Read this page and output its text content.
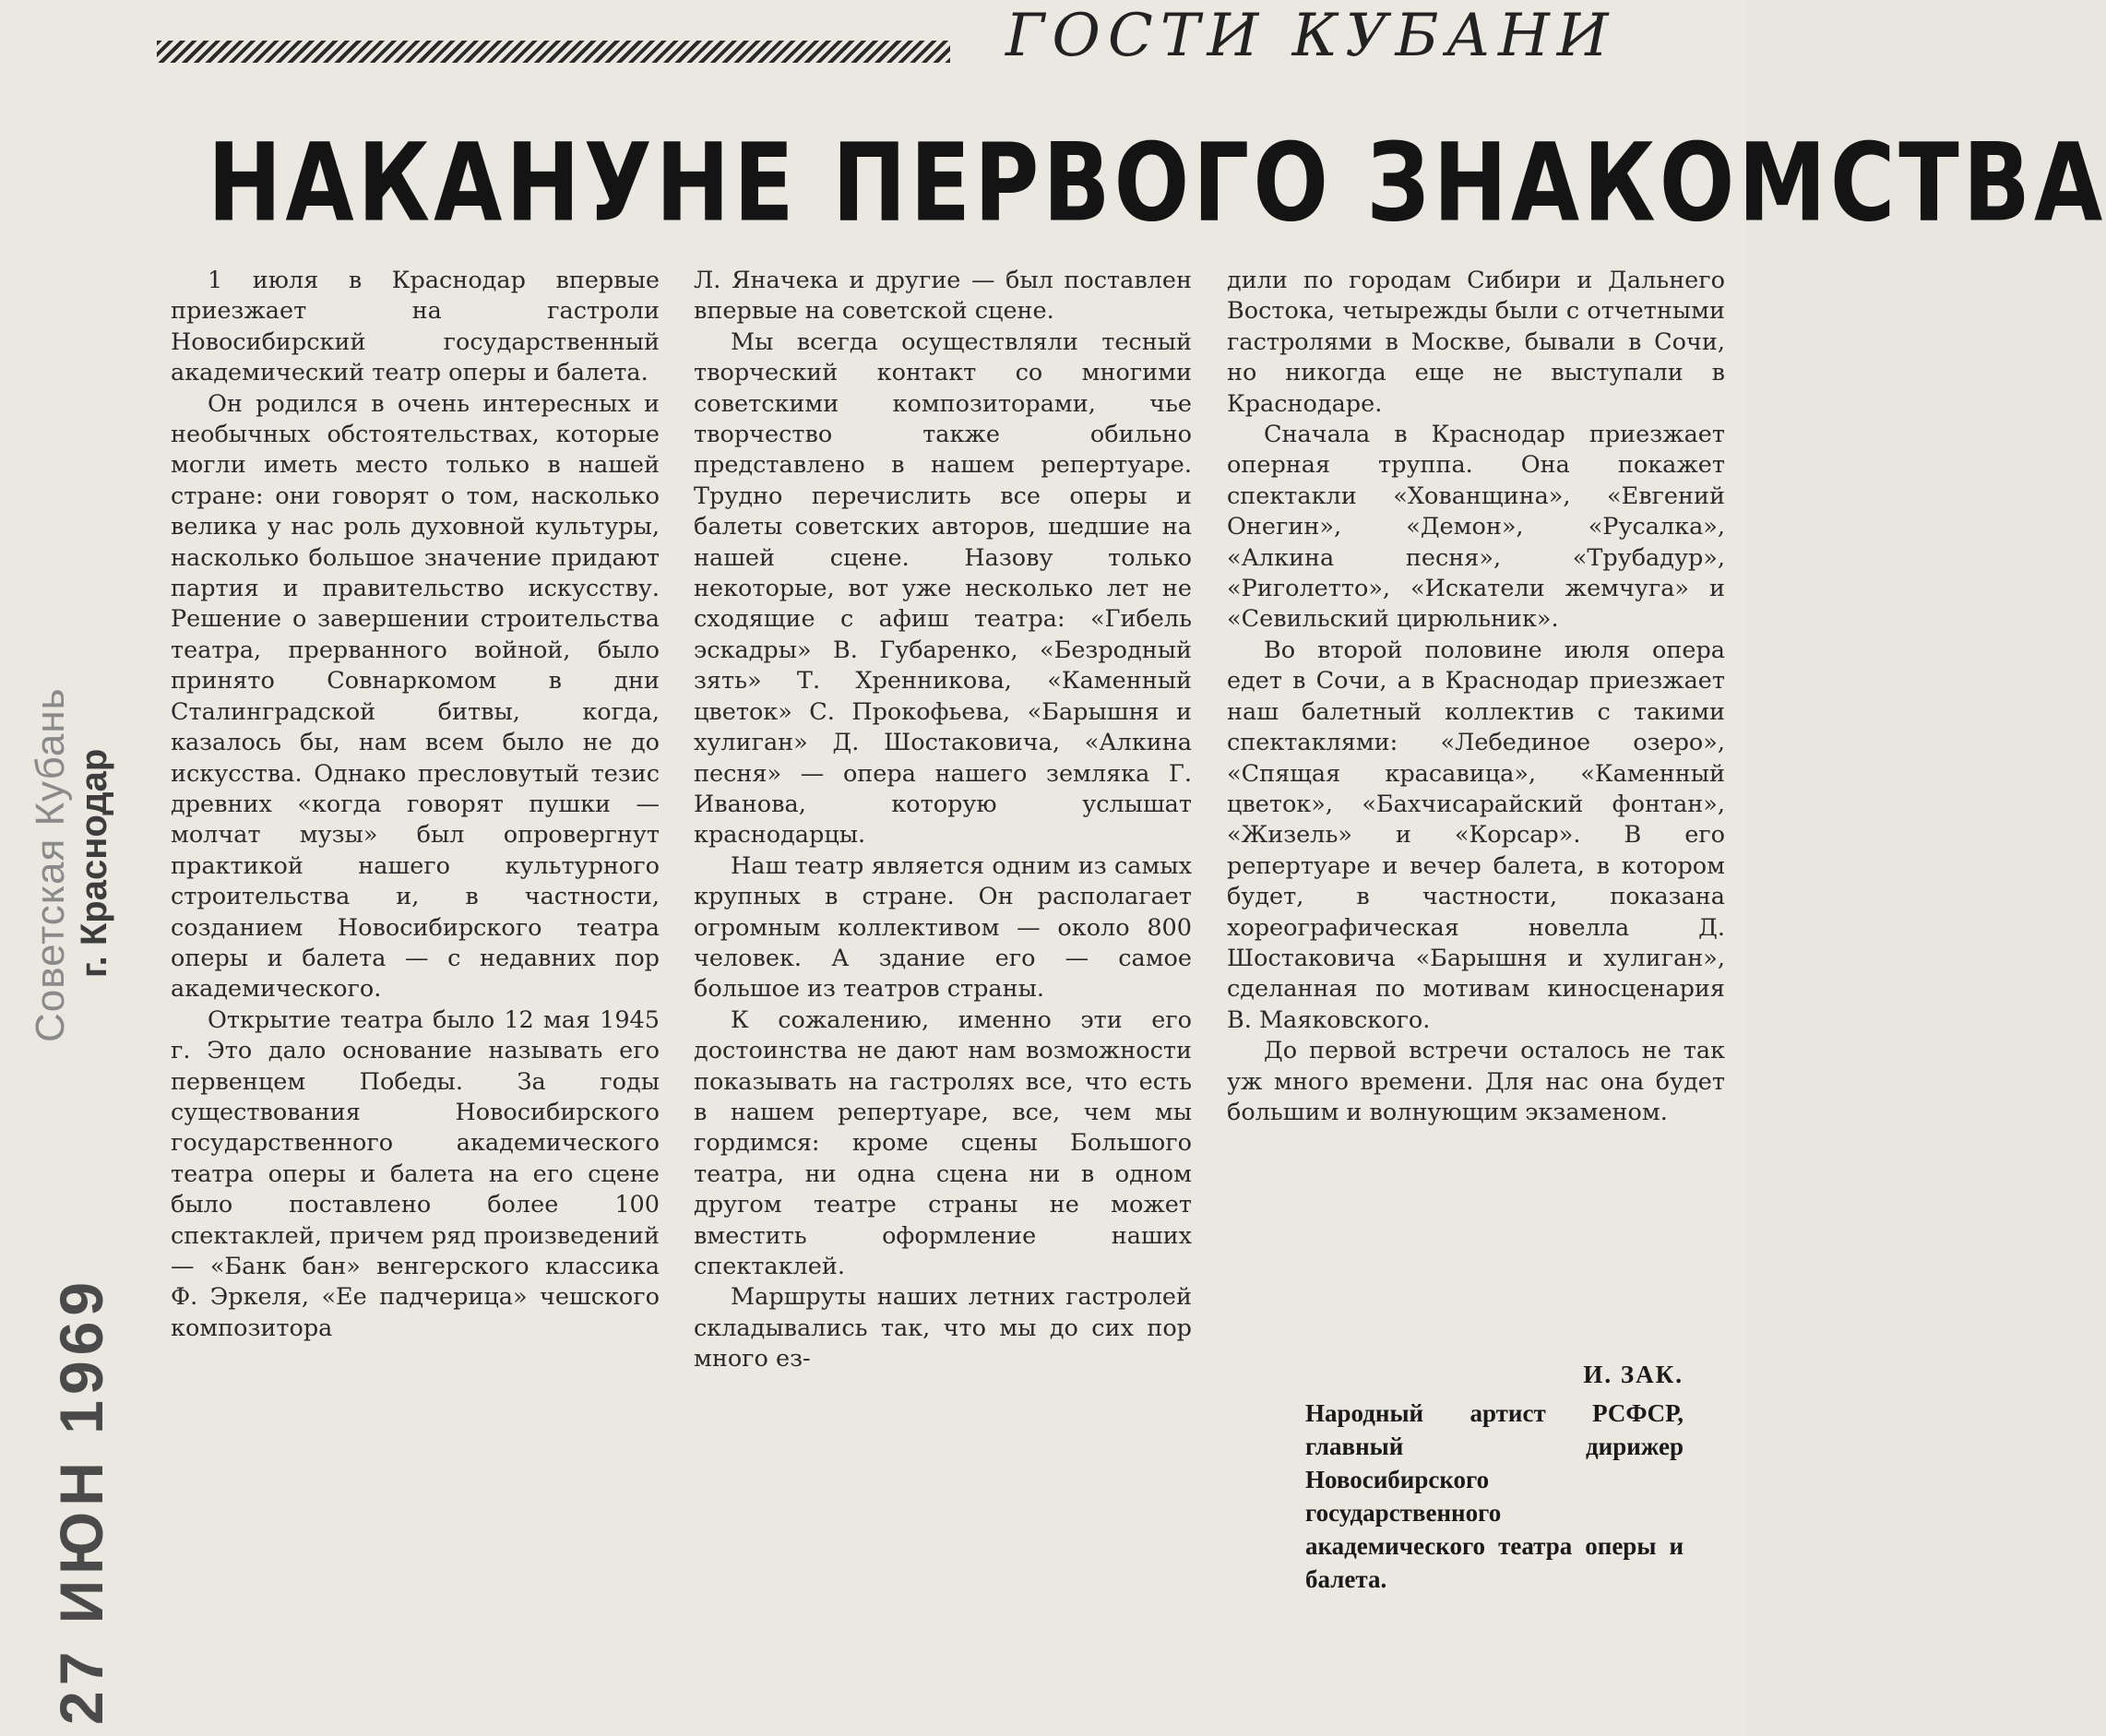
Советская Кубань г. Краснодар
27 ИЮН 1969
ГОСТИ КУБАНИ
НАКАНУНЕ ПЕРВОГО ЗНАКОМСТВА

1 июля в Краснодар впервые приезжает на гастроли Новосибирский государственный академический театр оперы и балета.

Он родился в очень интересных и необычных обстоятельствах, которые могли иметь место только в нашей стране: они говорят о том, насколько велика у нас роль духовной культуры, насколько большое значение придают партия и правительство искусству. Решение о завершении строительства театра, прерванного войной, было принято Совнаркомом в дни Сталинградской битвы, когда, казалось бы, нам всем было не до искусства. Однако пресловутый тезис древних «когда говорят пушки — молчат музы» был опровергнут практикой нашего культурного строительства и, в частности, созданием Новосибирского театра оперы и балета — с недавних пор академического.

Открытие театра было 12 мая 1945 г. Это дало основание называть его первенцем Победы. За годы существования Новосибирского государственного академического театра оперы и балета на его сцене было поставлено более 100 спектаклей, причем ряд произведений — «Банк бан» венгерского классика Ф. Эркеля, «Ее падчерица» чешского композитора

Л. Яначека и другие — был поставлен впервые на советской сцене.

Мы всегда осуществляли тесный творческий контакт со многими советскими композиторами, чье творчество также обильно представлено в нашем репертуаре. Трудно перечислить все оперы и балеты советских авторов, шедшие на нашей сцене. Назову только некоторые, вот уже несколько лет не сходящие с афиш театра: «Гибель эскадры» В. Губаренко, «Безродный зять» Т. Хренникова, «Каменный цветок» С. Прокофьева, «Барышня и хулиган» Д. Шостаковича, «Алкина песня» — опера нашего земляка Г. Иванова, которую услышат краснодарцы.

Наш театр является одним из самых крупных в стране. Он располагает огромным коллективом — около 800 человек. А здание его — самое большое из театров страны.

К сожалению, именно эти его достоинства не дают нам возможности показывать на гастролях все, что есть в нашем репертуаре, все, чем мы гордимся: кроме сцены Большого театра, ни одна сцена ни в одном другом театре страны не может вместить оформление наших спектаклей.

Маршруты наших летних гастролей складывались так, что мы до сих пор много ез-

дили по городам Сибири и Дальнего Востока, четырежды были с отчетными гастролями в Москве, бывали в Сочи, но никогда еще не выступали в Краснодаре.

Сначала в Краснодар приезжает оперная труппа. Она покажет спектакли «Хованщина», «Евгений Онегин», «Демон», «Русалка», «Алкина песня», «Трубадур», «Риголетто», «Искатели жемчуга» и «Севильский цирюльник».

Во второй половине июля опера едет в Сочи, а в Краснодар приезжает наш балетный коллектив с такими спектаклями: «Лебединое озеро», «Спящая красавица», «Каменный цветок», «Бахчисарайский фонтан», «Жизель» и «Корсар». В его репертуаре и вечер балета, в котором будет, в частности, показана хореографическая новелла Д. Шостаковича «Барышня и хулиган», сделанная по мотивам киносценария В. Маяковского.

До первой встречи осталось не так уж много времени. Для нас она будет большим и волнующим экзаменом.

И. ЗАК.
Народный артист РСФСР, главный дирижер Новосибирского государственного академического театра оперы и балета.
